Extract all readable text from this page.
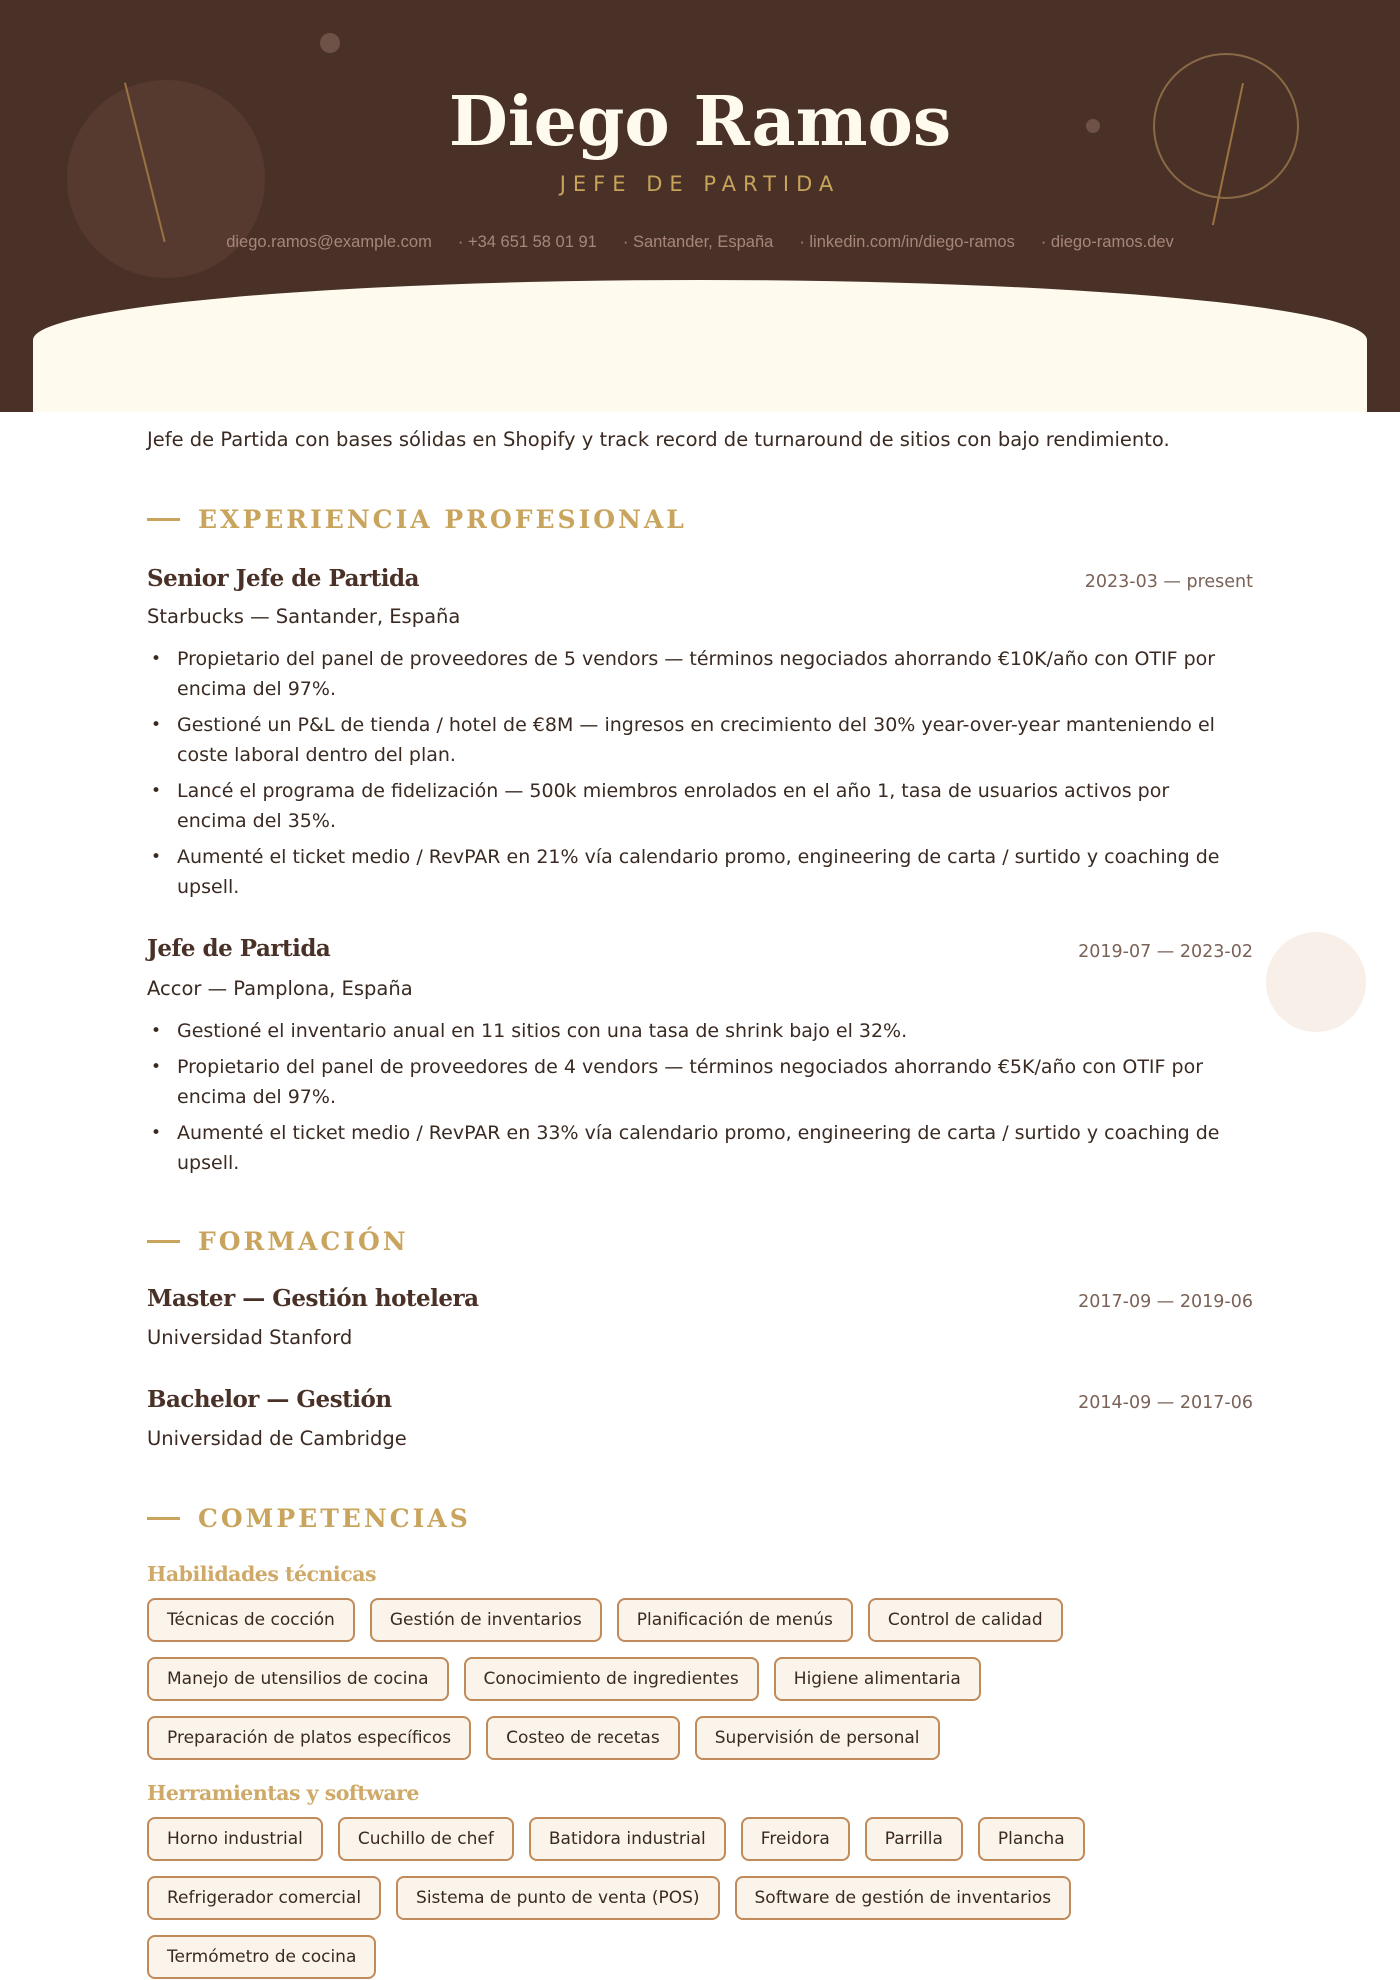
Diego Ramos
JEFE DE PARTIDA
diego.ramos@example.com · +34 651 58 01 91 · Santander, España · linkedin.com/in/diego-ramos · diego-ramos.dev
Jefe de Partida con bases sólidas en Shopify y track record de turnaround de sitios con bajo rendimiento.
EXPERIENCIA PROFESIONAL
Senior Jefe de Partida	2023-03 — present
Starbucks — Santander, España
• Propietario del panel de proveedores de 5 vendors — términos negociados ahorrando €10K/año con OTIF por encima del 97%.
• Gestioné un P&L de tienda / hotel de €8M — ingresos en crecimiento del 30% year-over-year manteniendo el coste laboral dentro del plan.
• Lancé el programa de fidelización — 500k miembros enrolados en el año 1, tasa de usuarios activos por encima del 35%.
• Aumenté el ticket medio / RevPAR en 21% vía calendario promo, engineering de carta / surtido y coaching de upsell.
Jefe de Partida	2019-07 — 2023-02
Accor — Pamplona, España
• Gestioné el inventario anual en 11 sitios con una tasa de shrink bajo el 32%.
• Propietario del panel de proveedores de 4 vendors — términos negociados ahorrando €5K/año con OTIF por encima del 97%.
• Aumenté el ticket medio / RevPAR en 33% vía calendario promo, engineering de carta / surtido y coaching de upsell.
FORMACIÓN
Master — Gestión hotelera	2017-09 — 2019-06
Universidad Stanford
Bachelor — Gestión	2014-09 — 2017-06
Universidad de Cambridge
COMPETENCIAS
Habilidades técnicas
Técnicas de cocción	Gestión de inventarios	Planificación de menús	Control de calidad
Manejo de utensilios de cocina	Conocimiento de ingredientes	Higiene alimentaria
Preparación de platos específicos	Costeo de recetas	Supervisión de personal
Herramientas y software
Horno industrial	Cuchillo de chef	Batidora industrial	Freidora	Parrilla	Plancha
Refrigerador comercial	Sistema de punto de venta (POS)	Software de gestión de inventarios
Termómetro de cocina
